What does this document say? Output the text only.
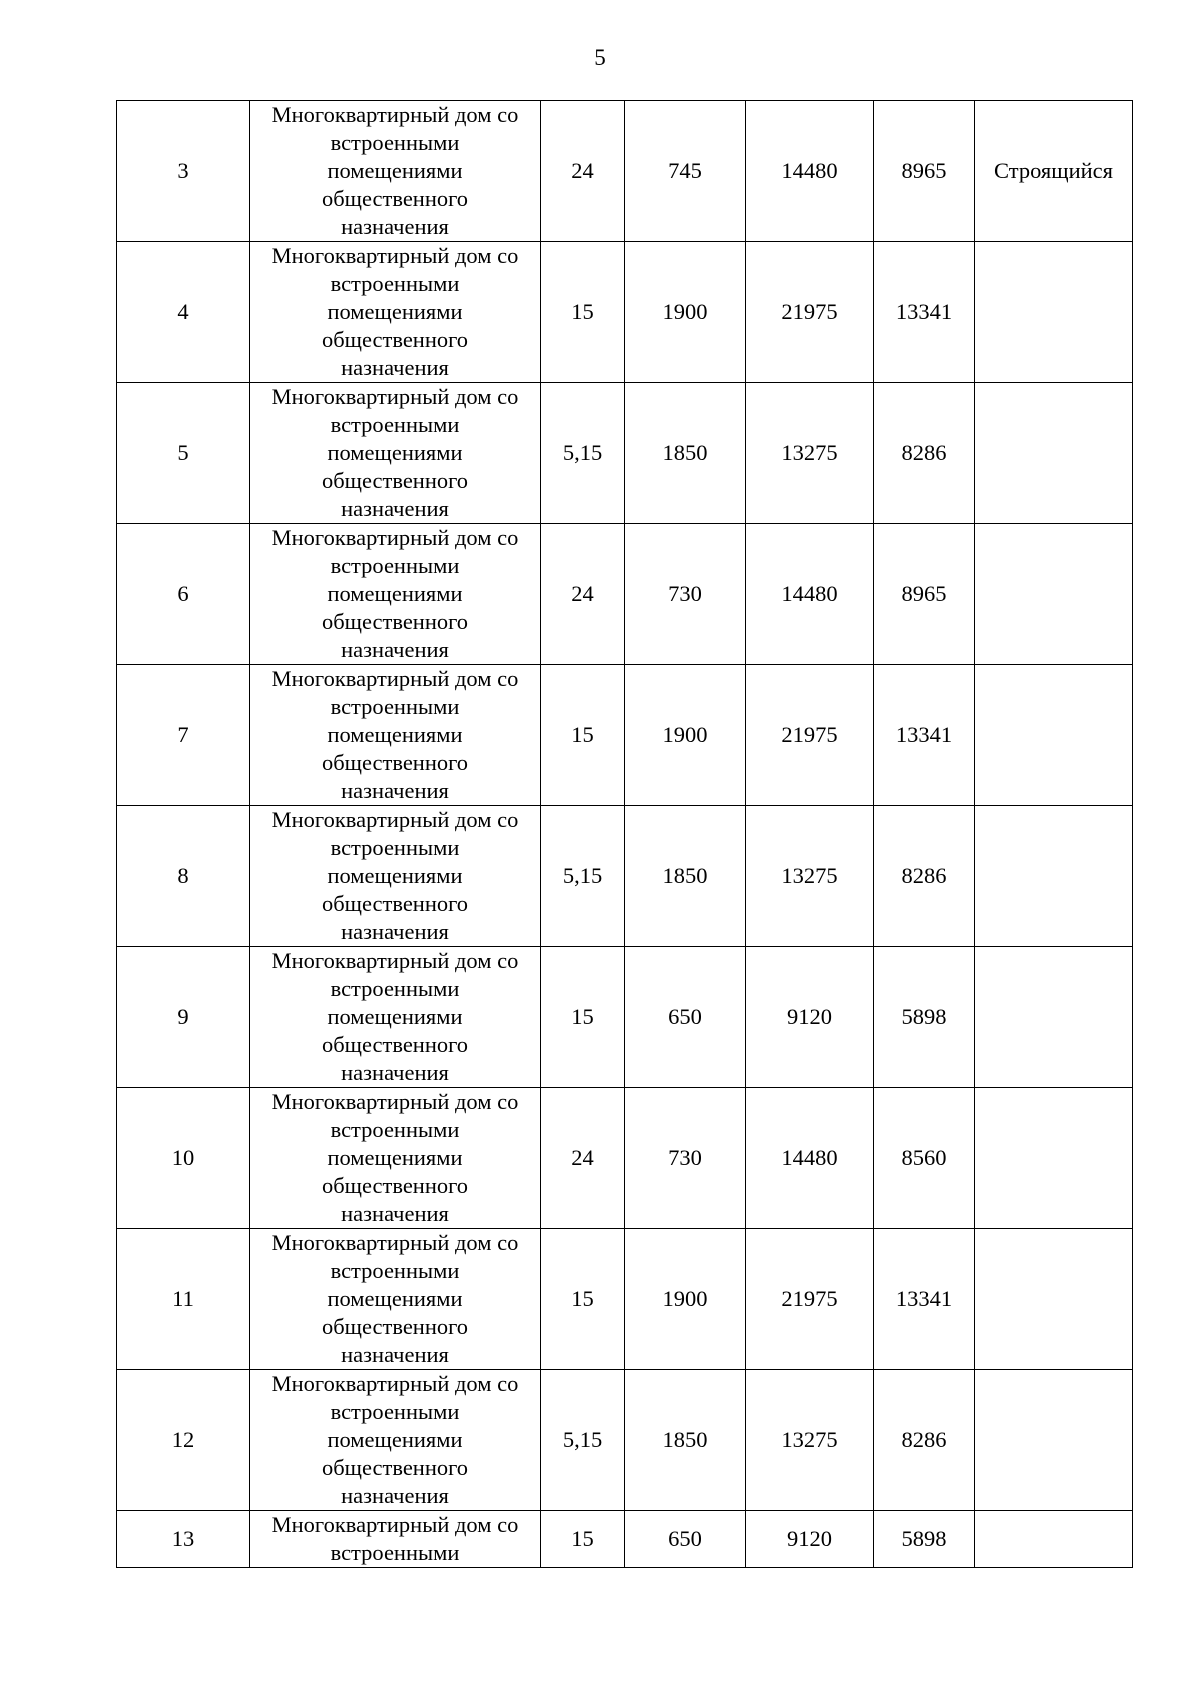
5
3	Многоквартирный дом со
встроенными
помещениями
общественного
назначения	24	745	14480	8965	Строящийся
4	Многоквартирный дом со
встроенными
помещениями
общественного
назначения	15	1900	21975	13341	
5	Многоквартирный дом со
встроенными
помещениями
общественного
назначения	5,15	1850	13275	8286	
6	Многоквартирный дом со
встроенными
помещениями
общественного
назначения	24	730	14480	8965	
7	Многоквартирный дом со
встроенными
помещениями
общественного
назначения	15	1900	21975	13341	
8	Многоквартирный дом со
встроенными
помещениями
общественного
назначения	5,15	1850	13275	8286	
9	Многоквартирный дом со
встроенными
помещениями
общественного
назначения	15	650	9120	5898	
10	Многоквартирный дом со
встроенными
помещениями
общественного
назначения	24	730	14480	8560	
11	Многоквартирный дом со
встроенными
помещениями
общественного
назначения	15	1900	21975	13341	
12	Многоквартирный дом со
встроенными
помещениями
общественного
назначения	5,15	1850	13275	8286	
13	Многоквартирный дом со
встроенными	15	650	9120	5898	
